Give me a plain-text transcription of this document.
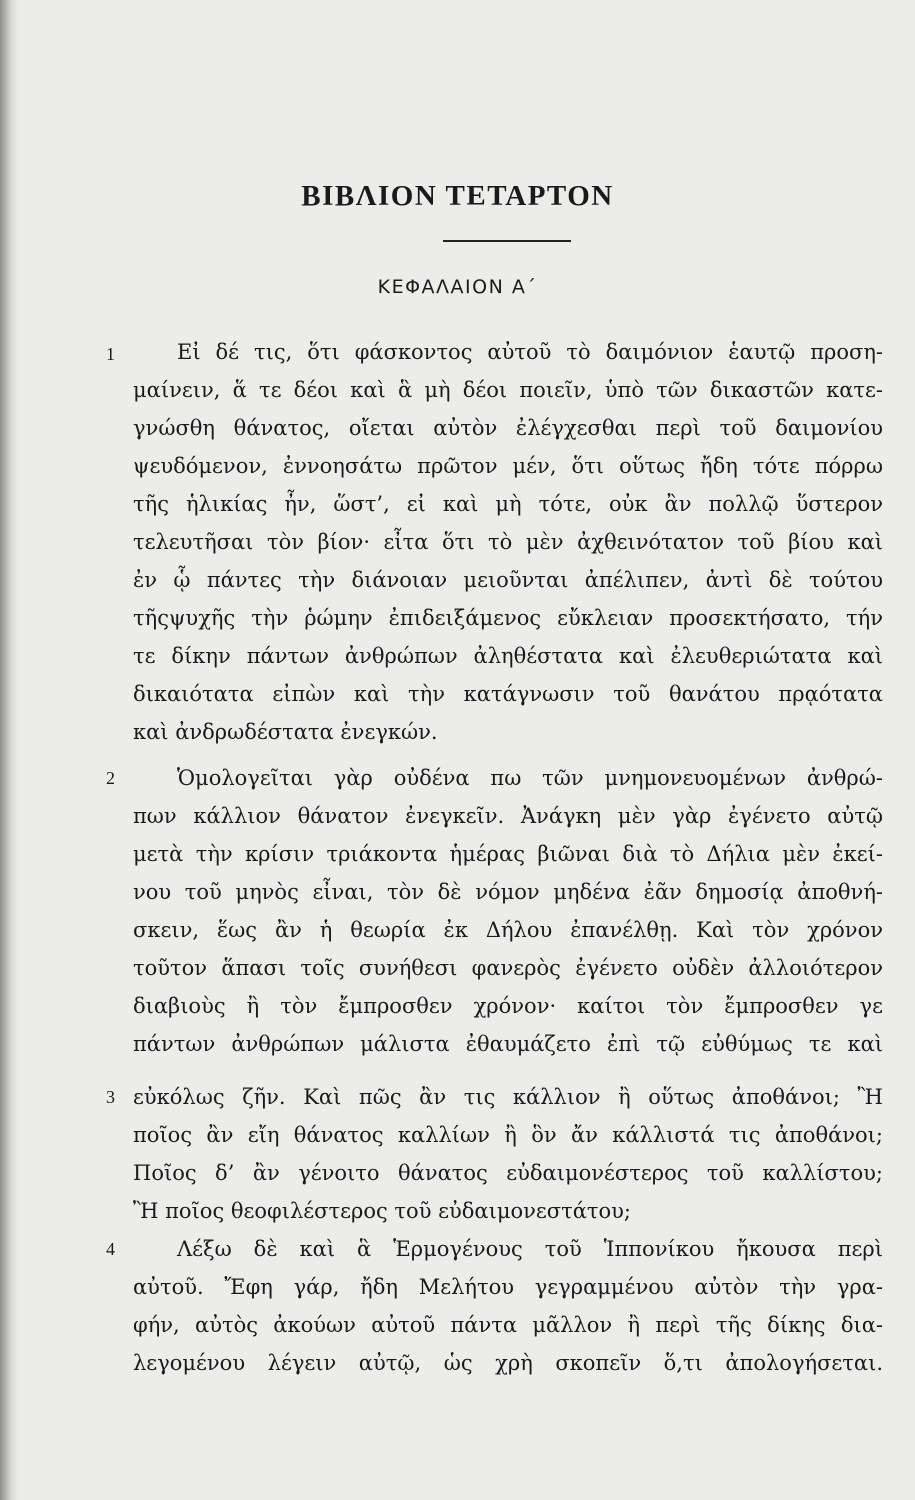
ΒΙΒΛΙΟΝ ΤΕΤΑΡΤΟΝ
ΚΕΦΑΛΑΙΟΝ Α΄
1
2
3
4
Εἰ δέ τις, ὅτι φάσκοντος αὐτοῦ τὸ δαιμόνιον ἑαυτῷ προση-
μαίνειν, ἅ τε δέοι καὶ ἃ μὴ δέοι ποιεῖν, ὑπὸ τῶν δικαστῶν κατε-
γνώσθη θάνατος, οἴεται αὐτὸν ἐλέγχεσθαι περὶ τοῦ δαιμονίου
ψευδόμενον, ἐννοησάτω πρῶτον μέν, ὅτι οὕτως ἤδη τότε πόρρω
τῆς ἡλικίας ἦν, ὥστ’, εἰ καὶ μὴ τότε, οὐκ ἂν πολλῷ ὕστερον
τελευτῆσαι τὸν βίον· εἶτα ὅτι τὸ μὲν ἀχθεινότατον τοῦ βίου καὶ
ἐν ᾧ πάντες τὴν διάνοιαν μειοῦνται ἀπέλιπεν, ἀντὶ δὲ τούτου
τῆςψυχῆς τὴν ῥώμην ἐπιδειξάμενος εὔκλειαν προσεκτήσατο, τήν
τε δίκην πάντων ἀνθρώπων ἀληθέστατα καὶ ἐλευθεριώτατα καὶ
δικαιότατα εἰπὼν καὶ τὴν κατάγνωσιν τοῦ θανάτου πρᾳότατα
καὶ ἀνδρωδέστατα ἐνεγκών.
Ὁμολογεῖται γὰρ οὐδένα πω τῶν μνημονευομένων ἀνθρώ-
πων κάλλιον θάνατον ἐνεγκεῖν. Ἀνάγκη μὲν γὰρ ἐγένετο αὐτῷ
μετὰ τὴν κρίσιν τριάκοντα ἡμέρας βιῶναι διὰ τὸ Δήλια μὲν ἐκεί-
νου τοῦ μηνὸς εἶναι, τὸν δὲ νόμον μηδένα ἐᾶν δημοσίᾳ ἀποθνή-
σκειν, ἕως ἂν ἡ θεωρία ἐκ Δήλου ἐπανέλθῃ. Καὶ τὸν χρόνον
τοῦτον ἅπασι τοῖς συνήθεσι φανερὸς ἐγένετο οὐδὲν ἀλλοιότερον
διαβιοὺς ἢ τὸν ἔμπροσθεν χρόνον· καίτοι τὸν ἔμπροσθεν γε
πάντων ἀνθρώπων μάλιστα ἐθαυμάζετο ἐπὶ τῷ εὐθύμως τε καὶ
εὐκόλως ζῆν. Καὶ πῶς ἂν τις κάλλιον ἢ οὕτως ἀποθάνοι; Ἢ
ποῖος ἂν εἴη θάνατος καλλίων ἢ ὃν ἄν κάλλιστά τις ἀποθάνοι;
Ποῖος δ’ ἂν γένοιτο θάνατος εὐδαιμονέστερος τοῦ καλλίστου;
Ἢ ποῖος θεοφιλέστερος τοῦ εὐδαιμονεστάτου;
Λέξω δὲ καὶ ἃ Ἑρμογένους τοῦ Ἱππονίκου ἤκουσα περὶ
αὐτοῦ. Ἔφη γάρ, ἤδη Μελήτου γεγραμμένου αὐτὸν τὴν γρα-
φήν, αὐτὸς ἀκούων αὐτοῦ πάντα μᾶλλον ἢ περὶ τῆς δίκης δια-
λεγομένου λέγειν αὐτῷ, ὡς χρὴ σκοπεῖν ὅ,τι ἀπολογήσεται.
